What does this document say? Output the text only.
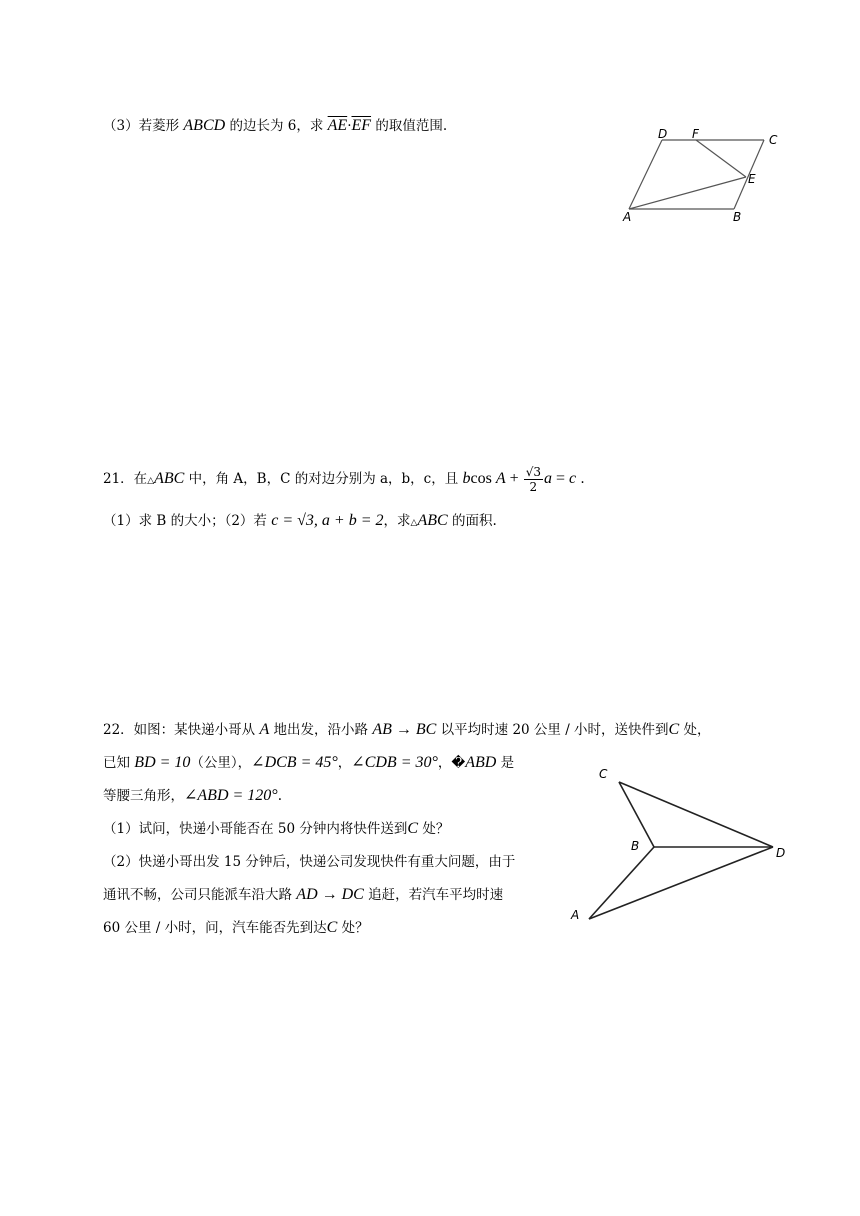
（3）若菱形 ABCD 的边长为 6，求 $\overline{AE}\cdot\overline{EF}$ 的取值范围.	D F	C
E
A	B
21．在△ABC 中，角 A，B，C 的对边分别为 a，b，c，且 bcos $A + \frac{√3}{2}$ a = c .
（1）求 B 的大小；（2）若 c = √3, a + b = 2，求△ABC 的面积.
22．如图：某快递小哥从 A 地出发，沿小路 AB → BC 以平均时速 20 公里 / 小时，送快件到C 处，
已知 BD = 10（公里），∠DCB = 45°，∠CDB = 30°，�ABD 是
等腰三角形，∠ABD = 120°.
（1）试问，快递小哥能否在 50 分钟内将快件送到C 处？
（2）快递小哥出发 15 分钟后，快递公司发现快件有重大问题，由于
通讯不畅，公司只能派车沿大路 AD → DC 追赶，若汽车平均时速
60 公里 / 小时，问，汽车能否先到达C 处？
C
B	D
A
